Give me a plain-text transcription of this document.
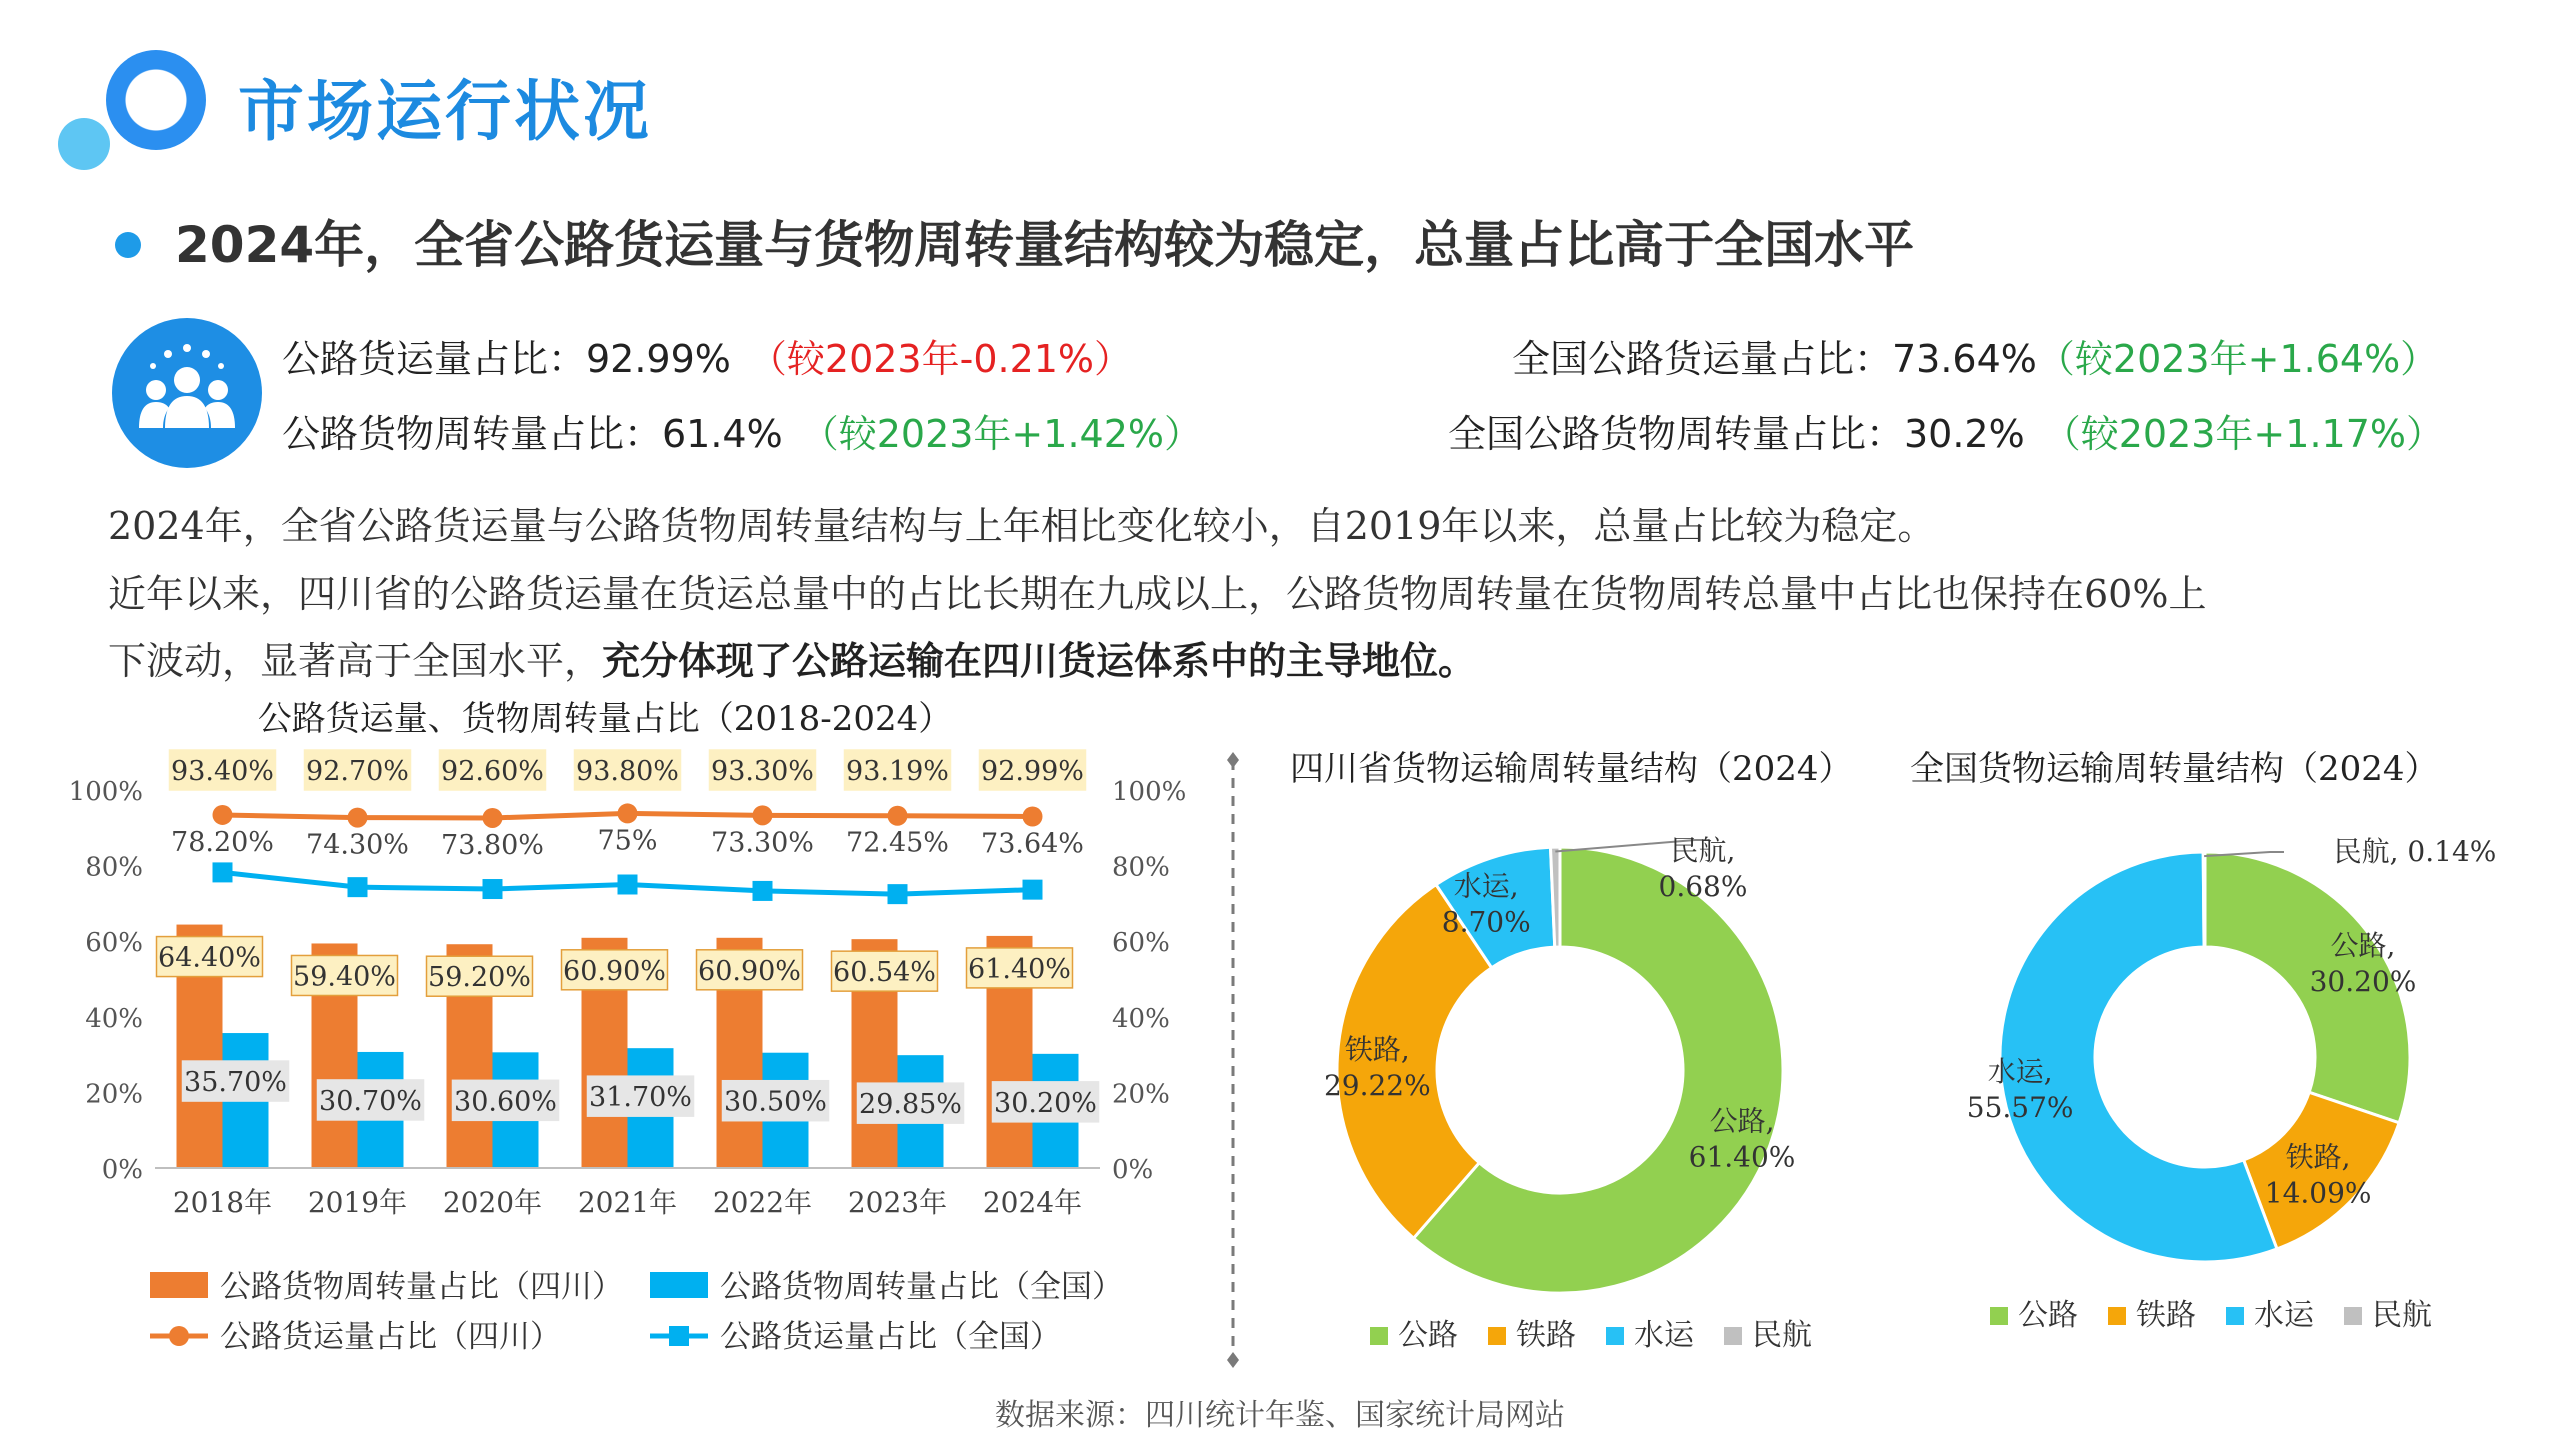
市场运行状况
2024年，全省公路货运量与货物周转量结构较为稳定，总量占比高于全国水平
公路货运量占比：92.99% （较2023年-0.21%）	全国公路货运量占比：73.64%（较2023年+1.64%）
公路货物周转量占比：61.4% （较2023年+1.42%）	全国公路货物周转量占比：30.2% （较2023年+1.17%）
2024年，全省公路货运量与公路货物周转量结构与上年相比变化较小，自2019年以来，总量占比较为稳定。
近年以来，四川省的公路货运量在货运总量中的占比长期在九成以上，公路货物周转量在货物周转总量中占比也保持在60%上
下波动，显著高于全国水平，充分体现了公路运输在四川货运体系中的主导地位。
公路货运量、货物周转量占比（2018-2024）
93.40% 92.70% 92.60% 93.80% 93.30% 93.19% 92.99%
78.20% 74.30% 73.80% 75% 73.30% 72.45% 73.64%
64.40%
59.40% 59.20% 60.90% 60.90% 60.54% 61.40%
35.70%
30.70% 30.60% 31.70% 30.50% 29.85% 30.20%
0%	0%
20%	20%
40%	40%
60%	60%
80%	80%
100%	100%
2018年 2019年 2020年 2021年 2022年 2023年 2024年
公路货物周转量占比（四川）	公路货物周转量占比（全国）
公路货运量占比（四川）	公路货运量占比（全国）
四川省货物运输周转量结构（2024）
公路, 61.40%
铁路, 29.22%
水运, 8.70%
民航, 0.68%
公路 铁路 水运 民航
全国货物运输周转量结构（2024）
公路, 30.20%
铁路, 14.09%
水运, 55.57%
民航, 0.14%
公路 铁路 水运 民航
数据来源：四川统计年鉴、国家统计局网站
